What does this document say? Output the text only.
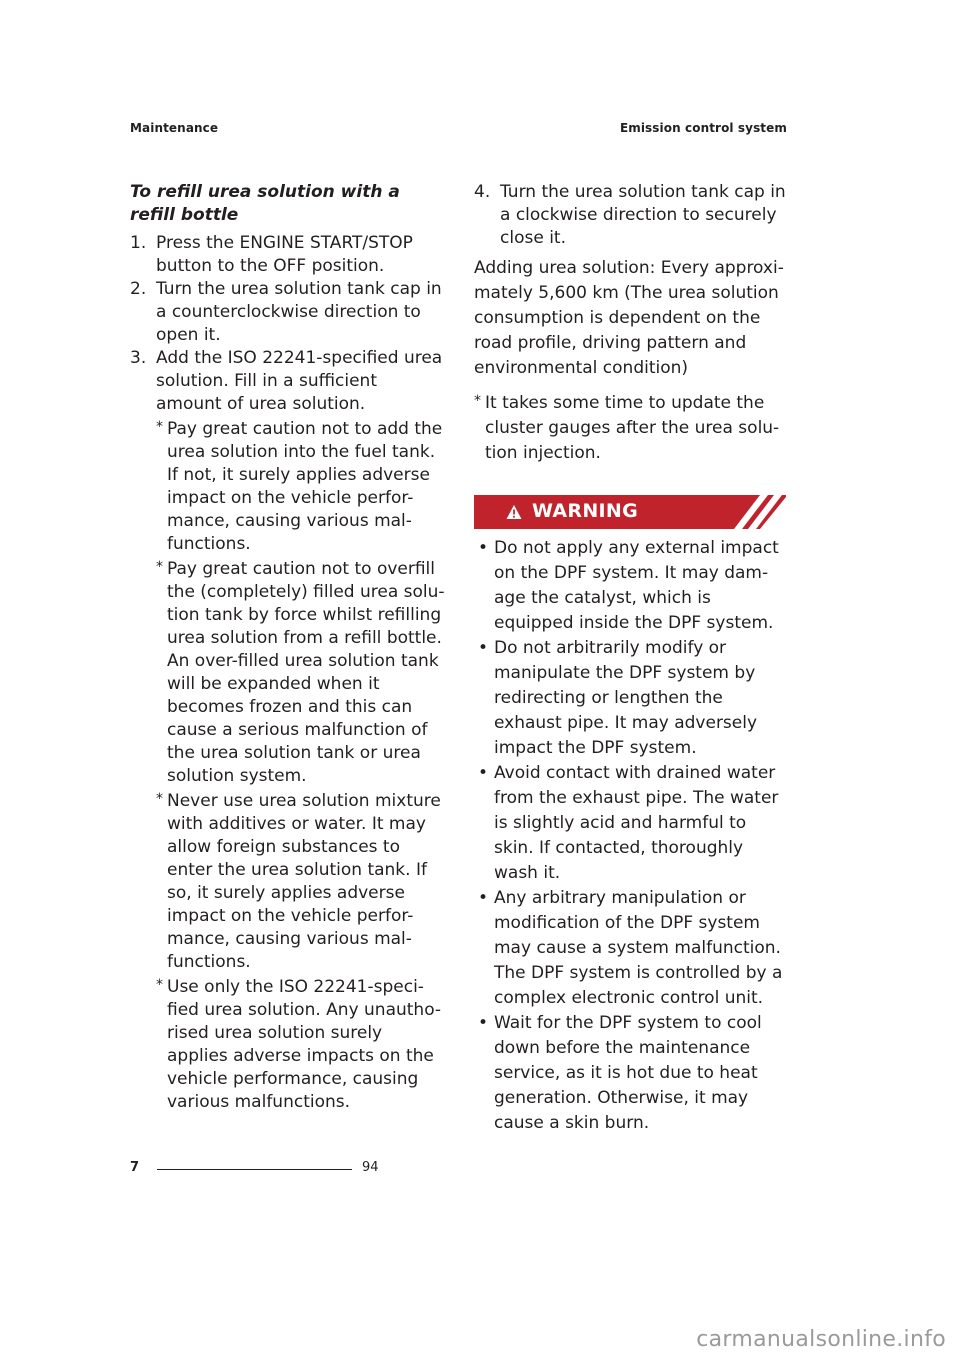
Maintenance	Emission control system
To refill urea solution with a refill bottle
1. Press the ENGINE START/STOP button to the OFF position.
2. Turn the urea solution tank cap in a counterclockwise direction to open it.
3. Add the ISO 22241-specified urea solution. Fill in a sufficient amount of urea solution.
* Pay great caution not to add the urea solution into the fuel tank. If not, it surely applies adverse impact on the vehicle perfor-mance, causing various mal-functions.
* Pay great caution not to overfill the (completely) filled urea solu-tion tank by force whilst refilling urea solution from a refill bottle. An over-filled urea solution tank will be expanded when it becomes frozen and this can cause a serious malfunction of the urea solution tank or urea solution system.
* Never use urea solution mixture with additives or water. It may allow foreign substances to enter the urea solution tank. If so, it surely applies adverse impact on the vehicle perfor-mance, causing various mal-functions.
* Use only the ISO 22241-speci-fied urea solution. Any unautho-rised urea solution surely applies adverse impacts on the vehicle performance, causing various malfunctions.
4. Turn the urea solution tank cap in a clockwise direction to securely close it.
Adding urea solution: Every approxi-mately 5,600 km (The urea solution consumption is dependent on the road profile, driving pattern and environmental condition)
* It takes some time to update the cluster gauges after the urea solu-tion injection.
WARNING
• Do not apply any external impact on the DPF system. It may dam-age the catalyst, which is equipped inside the DPF system.
• Do not arbitrarily modify or manipulate the DPF system by redirecting or lengthen the exhaust pipe. It may adversely impact the DPF system.
• Avoid contact with drained water from the exhaust pipe. The water is slightly acid and harmful to skin. If contacted, thoroughly wash it.
• Any arbitrary manipulation or modification of the DPF system may cause a system malfunction. The DPF system is controlled by a complex electronic control unit.
• Wait for the DPF system to cool down before the maintenance service, as it is hot due to heat generation. Otherwise, it may cause a skin burn.
7	94
carmanualsonline.info
